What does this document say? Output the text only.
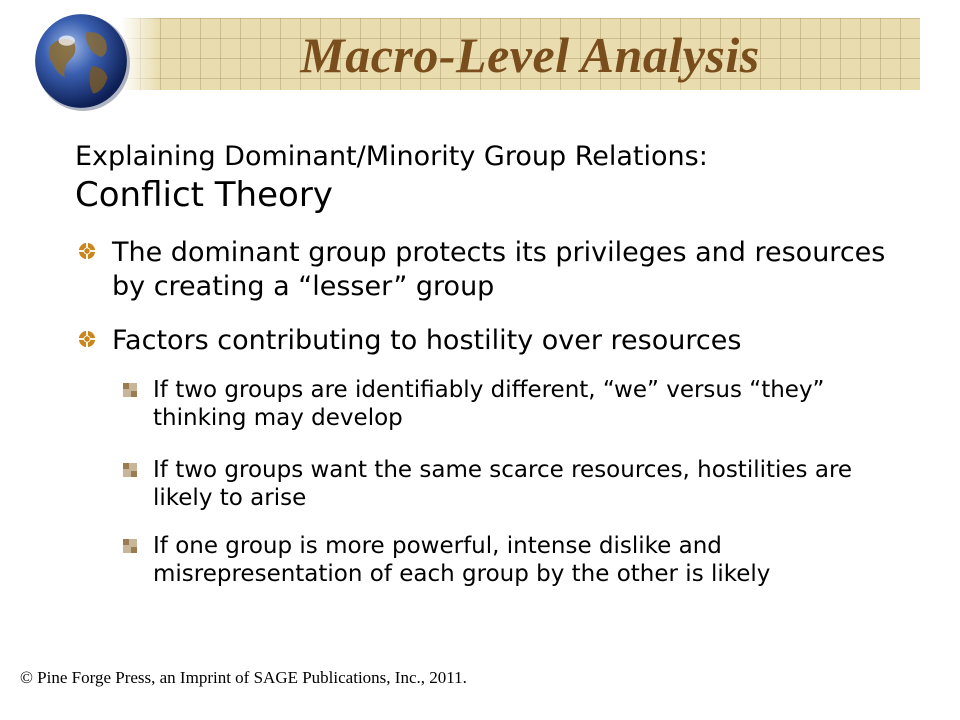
Macro-Level Analysis
Explaining Dominant/Minority Group Relations:
Conflict Theory
The dominant group protects its privileges and resources by creating a “lesser” group
Factors contributing to hostility over resources
If two groups are identifiably different, “we” versus “they” thinking may develop
If two groups want the same scarce resources, hostilities are likely to arise
If one group is more powerful, intense dislike and misrepresentation of each group by the other is likely
© Pine Forge Press, an Imprint of SAGE Publications, Inc., 2011.
